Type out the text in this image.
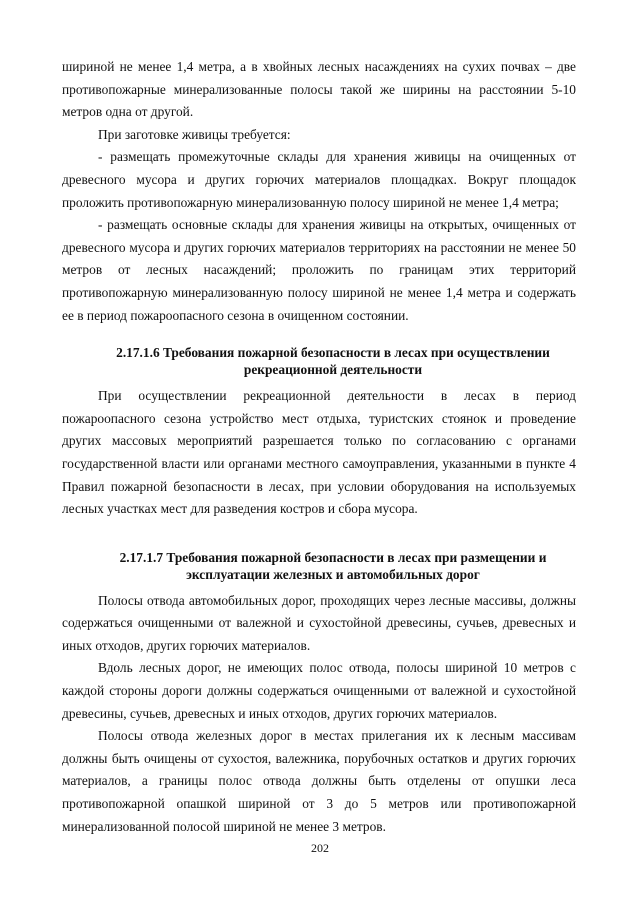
шириной не менее 1,4 метра, а в хвойных лесных насаждениях на сухих почвах – две противопожарные минерализованные полосы такой же ширины на расстоянии 5-10 метров одна от другой.

При заготовке живицы требуется:

- размещать промежуточные склады для хранения живицы на очищенных от древесного мусора и других горючих материалов площадках. Вокруг площадок проложить противопожарную минерализованную полосу шириной не менее 1,4 метра;

- размещать основные склады для хранения живицы на открытых, очищенных от древесного мусора и других горючих материалов территориях на расстоянии не менее 50 метров от лесных насаждений; проложить по границам этих территорий противопожарную минерализованную полосу шириной не менее 1,4 метра и содержать ее в период пожароопасного сезона в очищенном состоянии.

2.17.1.6 Требования пожарной безопасности в лесах при осуществлении
рекреационной деятельности

При осуществлении рекреационной деятельности в лесах в период пожароопасного сезона устройство мест отдыха, туристских стоянок и проведение других массовых мероприятий разрешается только по согласованию с органами государственной власти или органами местного самоуправления, указанными в пункте 4 Правил пожарной безопасности в лесах, при условии оборудования на используемых лесных участках мест для разведения костров и сбора мусора.

2.17.1.7 Требования пожарной безопасности в лесах при размещении и
эксплуатации железных и автомобильных дорог

Полосы отвода автомобильных дорог, проходящих через лесные массивы, должны содержаться очищенными от валежной и сухостойной древесины, сучьев, древесных и иных отходов, других горючих материалов.

Вдоль лесных дорог, не имеющих полос отвода, полосы шириной 10 метров с каждой стороны дороги должны содержаться очищенными от валежной и сухостойной древесины, сучьев, древесных и иных отходов, других горючих материалов.

Полосы отвода железных дорог в местах прилегания их к лесным массивам должны быть очищены от сухостоя, валежника, порубочных остатков и других горючих материалов, а границы полос отвода должны быть отделены от опушки леса противопожарной опашкой шириной от 3 до 5 метров или противопожарной минерализованной полосой шириной не менее 3 метров.

202
